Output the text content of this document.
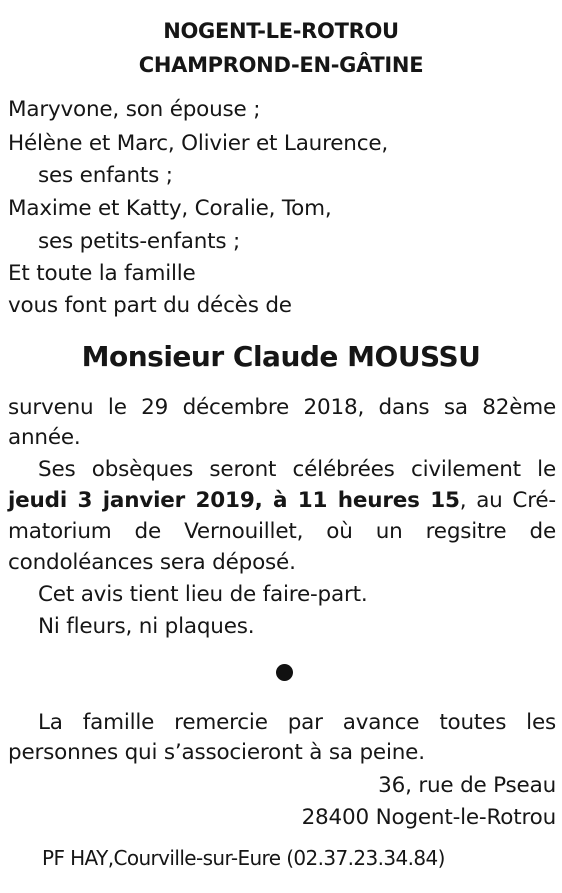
NOGENT-LE-ROTROU
CHAMPROND-EN-GÂTINE
Maryvone, son épouse ;
Hélène et Marc, Olivier et Laurence,
ses enfants ;
Maxime et Katty, Coralie, Tom,
ses petits-enfants ;
Et toute la famille
vous font part du décès de
Monsieur Claude MOUSSU
survenu le 29 décembre 2018, dans sa 82ème
année.
Ses obsèques seront célébrées civilement le
jeudi 3 janvier 2019, à 11 heures 15, au Cré-
matorium de Vernouillet, où un regsitre de
condoléances sera déposé.
Cet avis tient lieu de faire-part.
Ni fleurs, ni plaques.
La famille remercie par avance toutes les
personnes qui s’associeront à sa peine.
36, rue de Pseau
28400 Nogent-le-Rotrou
PF HAY,Courville-sur-Eure (02.37.23.34.84)
